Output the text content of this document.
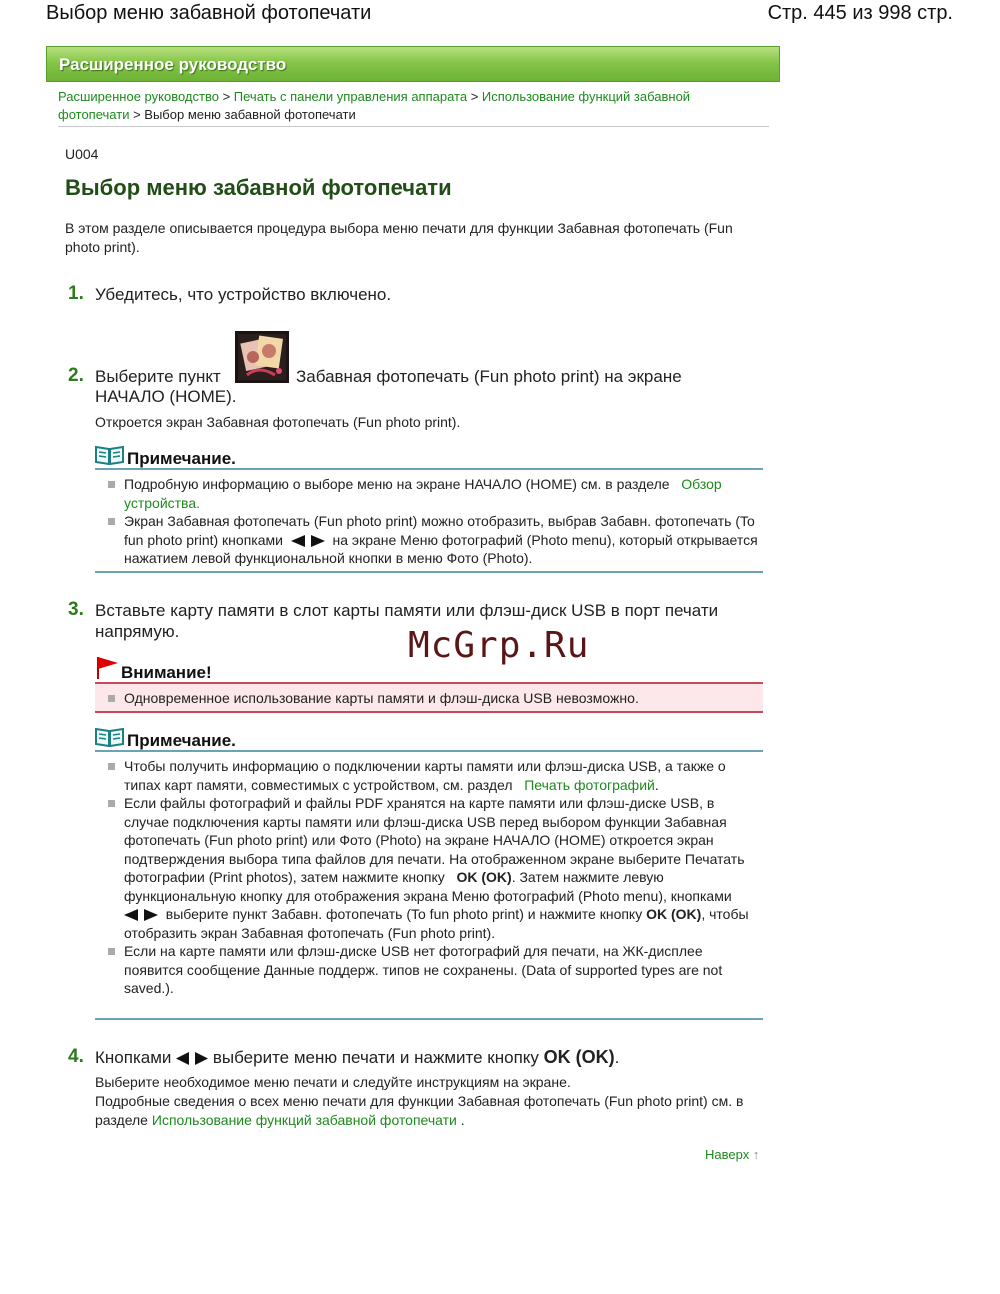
Выбор меню забавной фотопечати	Стр. 445 из 998 стр.
Расширенное руководство
Расширенное руководство > Печать с панели управления аппарата > Использование функций забавной фотопечати > Выбор меню забавной фотопечати
U004
Выбор меню забавной фотопечати
В этом разделе описывается процедура выбора меню печати для функции Забавная фотопечать (Fun photo print).
1. Убедитесь, что устройство включено.
2. Выберите пункт	Забавная фотопечать (Fun photo print) на экране
НАЧАЛО (HOME).
Откроется экран Забавная фотопечать (Fun photo print).
Примечание.
Подробную информацию о выборе меню на экране НАЧАЛО (HOME) см. в разделе Обзор устройства.
Экран Забавная фотопечать (Fun photo print) можно отобразить, выбрав Забавн. фотопечать (To fun photo print) кнопками	на экране Меню фотографий (Photo menu), который открывается нажатием левой функциональной кнопки в меню Фото (Photo).
3. Вставьте карту памяти в слот карты памяти или флэш-диск USB в порт печати напрямую.
Внимание!
Одновременное использование карты памяти и флэш-диска USB невозможно.
Примечание.
Чтобы получить информацию о подключении карты памяти или флэш-диска USB, а также о типах карт памяти, совместимых с устройством, см. раздел Печать фотографий.
Если файлы фотографий и файлы PDF хранятся на карте памяти или флэш-диске USB, в случае подключения карты памяти или флэш-диска USB перед выбором функции Забавная фотопечать (Fun photo print) или Фото (Photo) на экране НАЧАЛО (HOME) откроется экран подтверждения выбора типа файлов для печати. На отображенном экране выберите Печатать фотографии (Print photos), затем нажмите кнопку OK (OK). Затем нажмите левую функциональную кнопку для отображения экрана Меню фотографий (Photo menu), кнопками
выберите пункт Забавн. фотопечать (To fun photo print) и нажмите кнопку OK (OK), чтобы отобразить экран Забавная фотопечать (Fun photo print).
Если на карте памяти или флэш-диске USB нет фотографий для печати, на ЖК-дисплее появится сообщение Данные поддерж. типов не сохранены. (Data of supported types are not saved.).
4. Кнопками выберите меню печати и нажмите кнопку OK (OK).
Выберите необходимое меню печати и следуйте инструкциям на экране.
Подробные сведения о всех меню печати для функции Забавная фотопечать (Fun photo print) см. в разделе Использование функций забавной фотопечати .
Наверх ↑
McGrp.Ru
